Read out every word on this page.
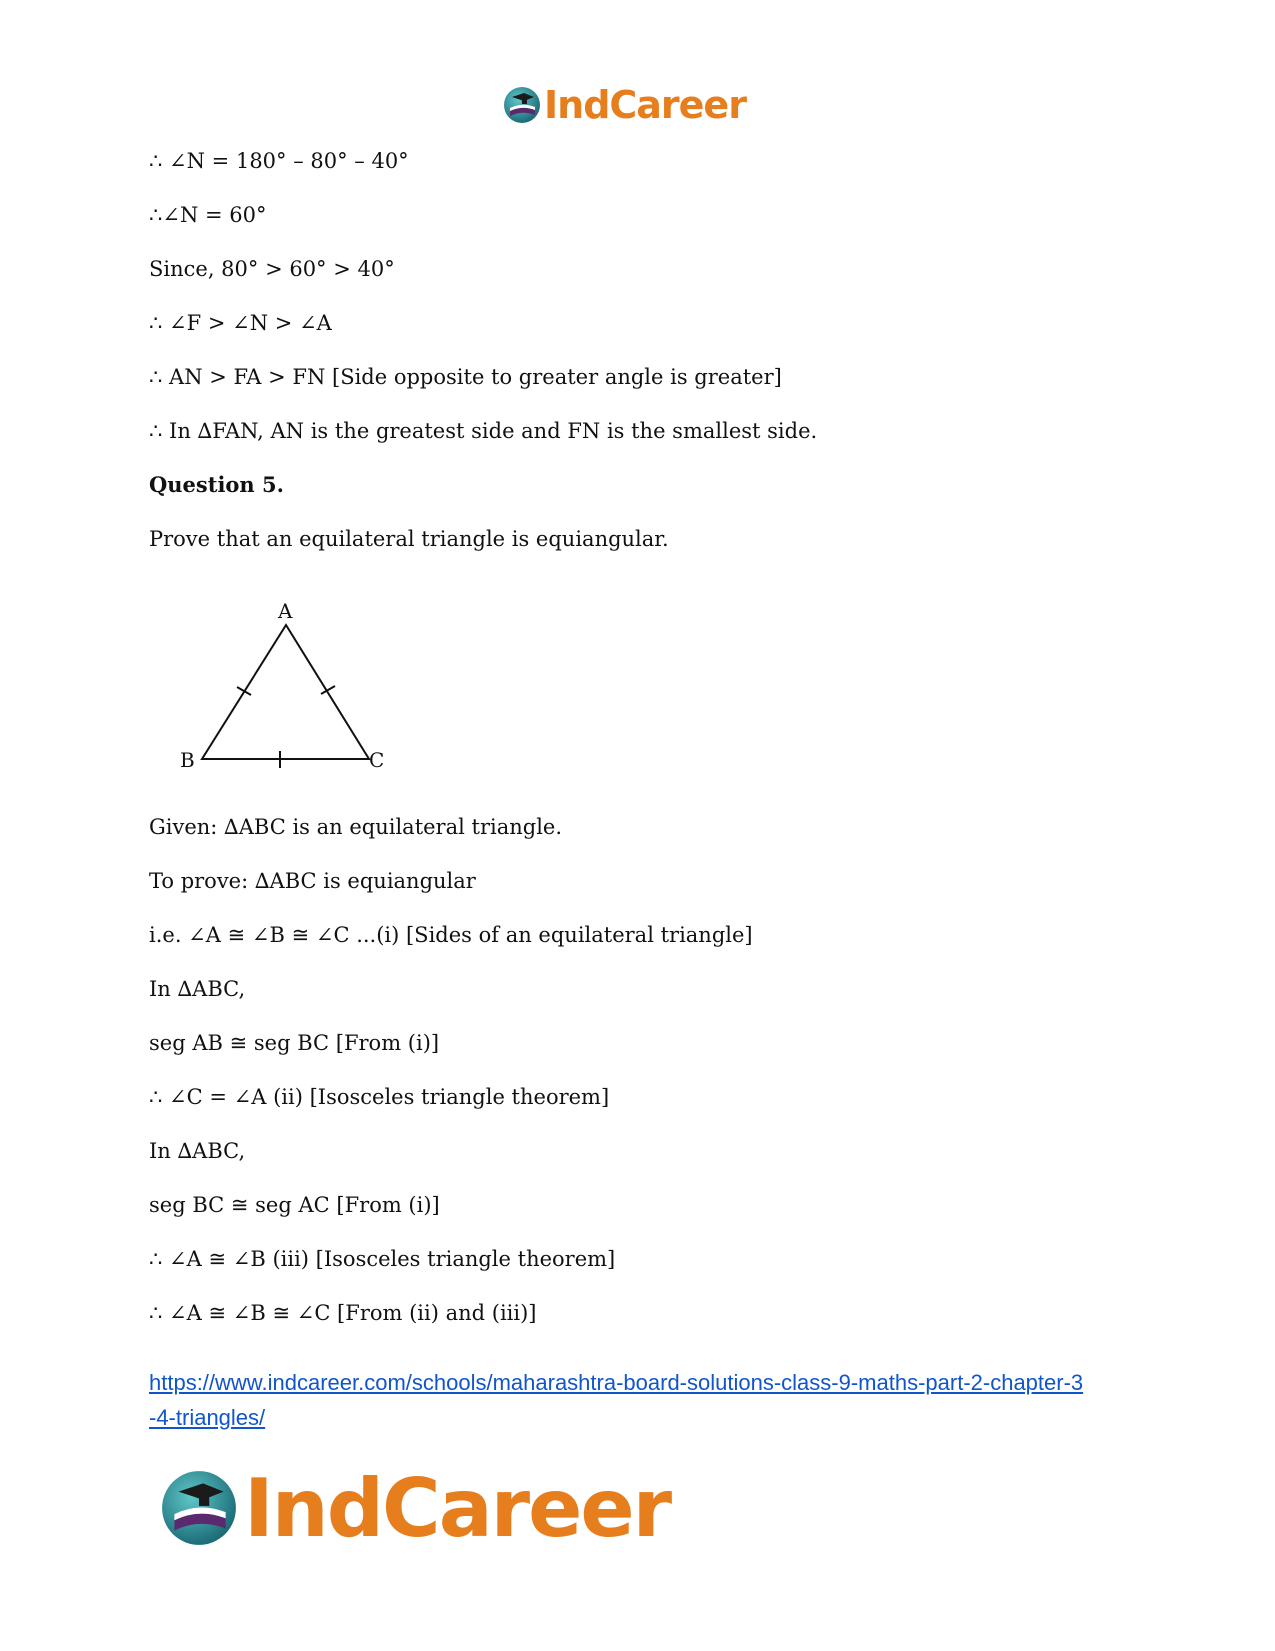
IndCareer
∴ ∠N = 180° – 80° – 40°
∴∠N = 60°
Since, 80° > 60° > 40°
∴ ∠F > ∠N > ∠A
∴ AN > FA > FN [Side opposite to greater angle is greater]
∴ In ∆FAN, AN is the greatest side and FN is the smallest side.
Question 5.
Prove that an equilateral triangle is equiangular.
A
B	C
Given: ∆ABC is an equilateral triangle.
To prove: ∆ABC is equiangular
i.e. ∠A ≅ ∠B ≅ ∠C ...(i) [Sides of an equilateral triangle]
In ∆ABC,
seg AB ≅ seg BC [From (i)]
∴ ∠C = ∠A (ii) [Isosceles triangle theorem]
In ∆ABC,
seg BC ≅ seg AC [From (i)]
∴ ∠A ≅ ∠B (iii) [Isosceles triangle theorem]
∴ ∠A ≅ ∠B ≅ ∠C [From (ii) and (iii)]
https://www.indcareer.com/schools/maharashtra-board-solutions-class-9-maths-part-2-chapter-3
-4-triangles/
IndCareer
